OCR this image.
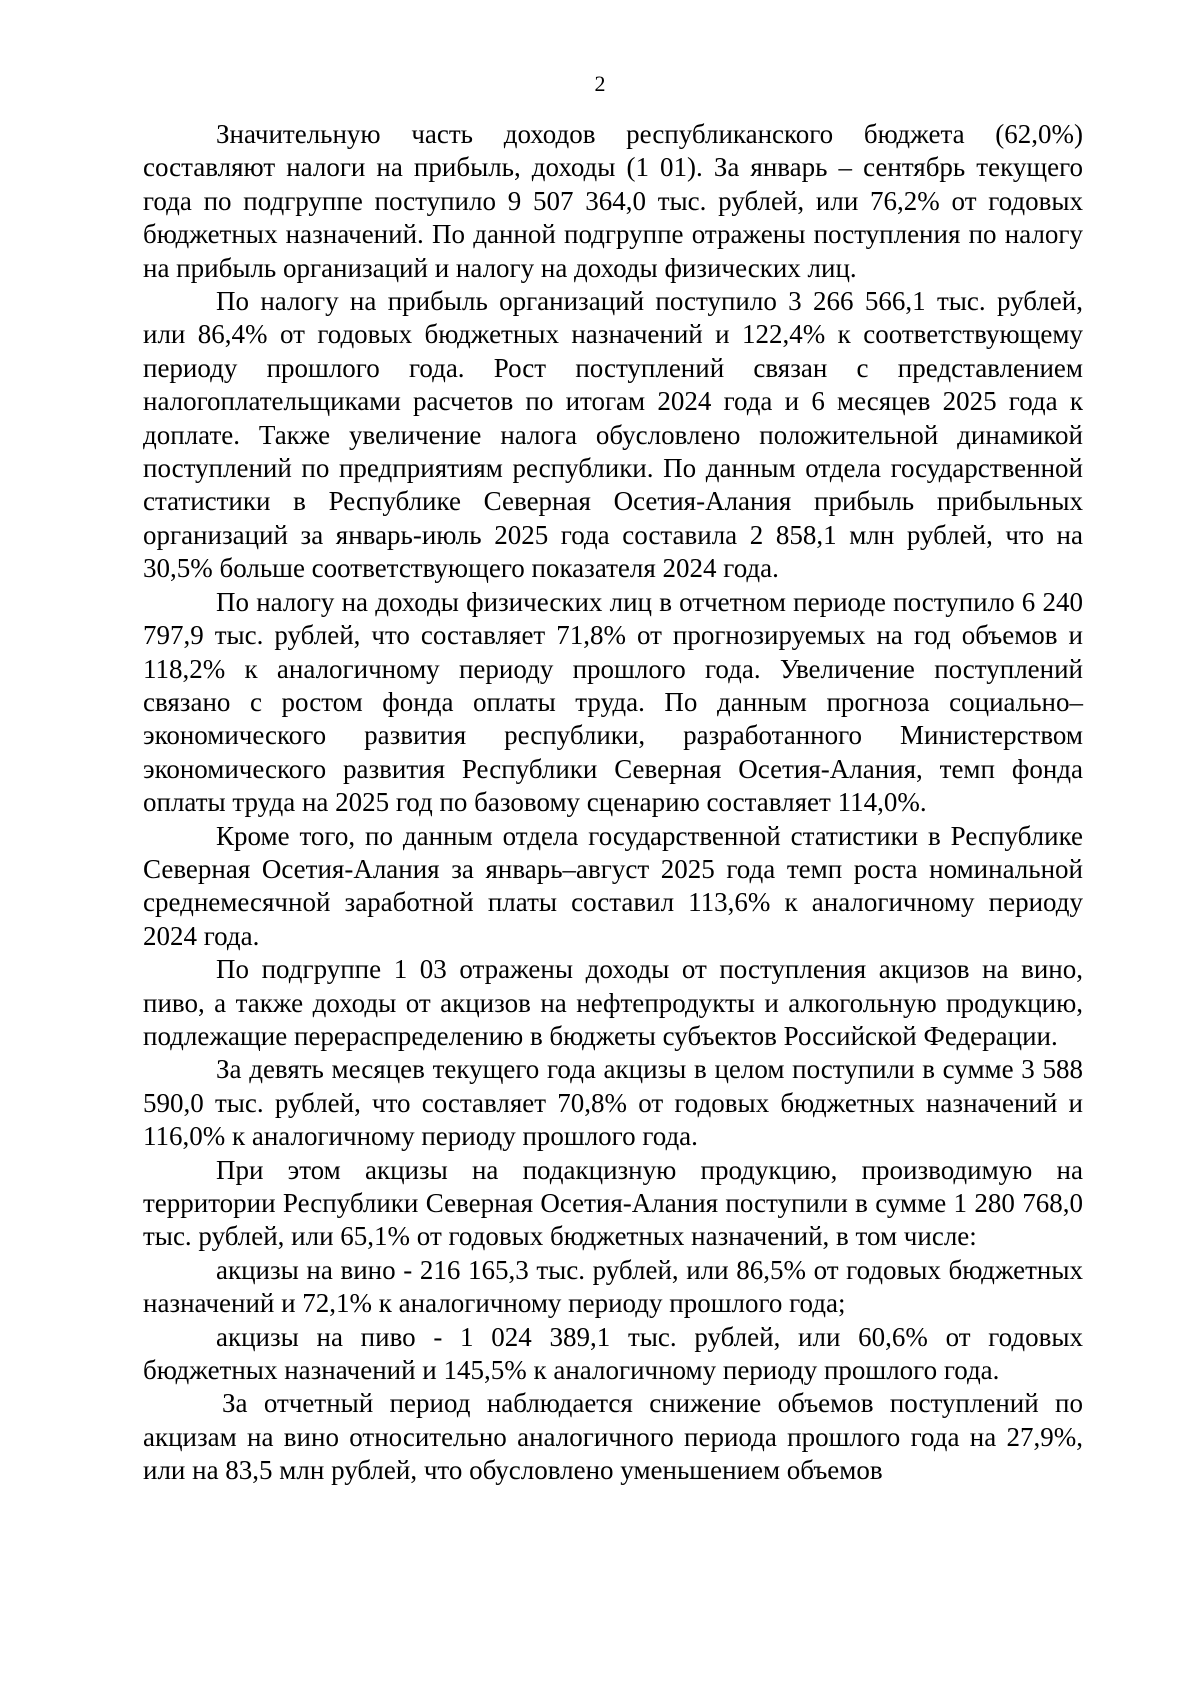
2

Значительную часть доходов республиканского бюджета (62,0%) составляют налоги на прибыль, доходы (1 01). За январь – сентябрь текущего года по подгруппе поступило 9 507 364,0 тыс. рублей, или 76,2% от годовых бюджетных назначений. По данной подгруппе отражены поступления по налогу на прибыль организаций и налогу на доходы физических лиц.

По налогу на прибыль организаций поступило 3 266 566,1 тыс. рублей, или 86,4% от годовых бюджетных назначений и 122,4% к соответствующему периоду прошлого года. Рост поступлений связан с представлением налогоплательщиками расчетов по итогам 2024 года и 6 месяцев 2025 года к доплате. Также увеличение налога обусловлено положительной динамикой поступлений по предприятиям республики. По данным отдела государственной статистики в Республике Северная Осетия-Алания прибыль прибыльных организаций за январь-июль 2025 года составила 2 858,1 млн рублей, что на 30,5% больше соответствующего показателя 2024 года.

По налогу на доходы физических лиц в отчетном периоде поступило 6 240 797,9 тыс. рублей, что составляет 71,8% от прогнозируемых на год объемов и 118,2% к аналогичному периоду прошлого года. Увеличение поступлений связано с ростом фонда оплаты труда. По данным прогноза социально–экономического развития республики, разработанного Министерством экономического развития Республики Северная Осетия-Алания, темп фонда оплаты труда на 2025 год по базовому сценарию составляет 114,0%.

Кроме того, по данным отдела государственной статистики в Республике Северная Осетия-Алания за январь–август 2025 года темп роста номинальной среднемесячной заработной платы составил 113,6% к аналогичному периоду 2024 года.

По подгруппе 1 03 отражены доходы от поступления акцизов на вино, пиво, а также доходы от акцизов на нефтепродукты и алкогольную продукцию, подлежащие перераспределению в бюджеты субъектов Российской Федерации.

За девять месяцев текущего года акцизы в целом поступили в сумме 3 588 590,0 тыс. рублей, что составляет 70,8% от годовых бюджетных назначений и 116,0% к аналогичному периоду прошлого года.

При этом акцизы на подакцизную продукцию, производимую на территории Республики Северная Осетия-Алания поступили в сумме 1 280 768,0 тыс. рублей, или 65,1% от годовых бюджетных назначений, в том числе:

акцизы на вино - 216 165,3 тыс. рублей, или 86,5% от годовых бюджетных назначений и 72,1% к аналогичному периоду прошлого года;

акцизы на пиво - 1 024 389,1 тыс. рублей, или 60,6% от годовых бюджетных назначений и 145,5% к аналогичному периоду прошлого года.

За отчетный период наблюдается снижение объемов поступлений по акцизам на вино относительно аналогичного периода прошлого года на 27,9%, или на 83,5 млн рублей, что обусловлено уменьшением объемов
